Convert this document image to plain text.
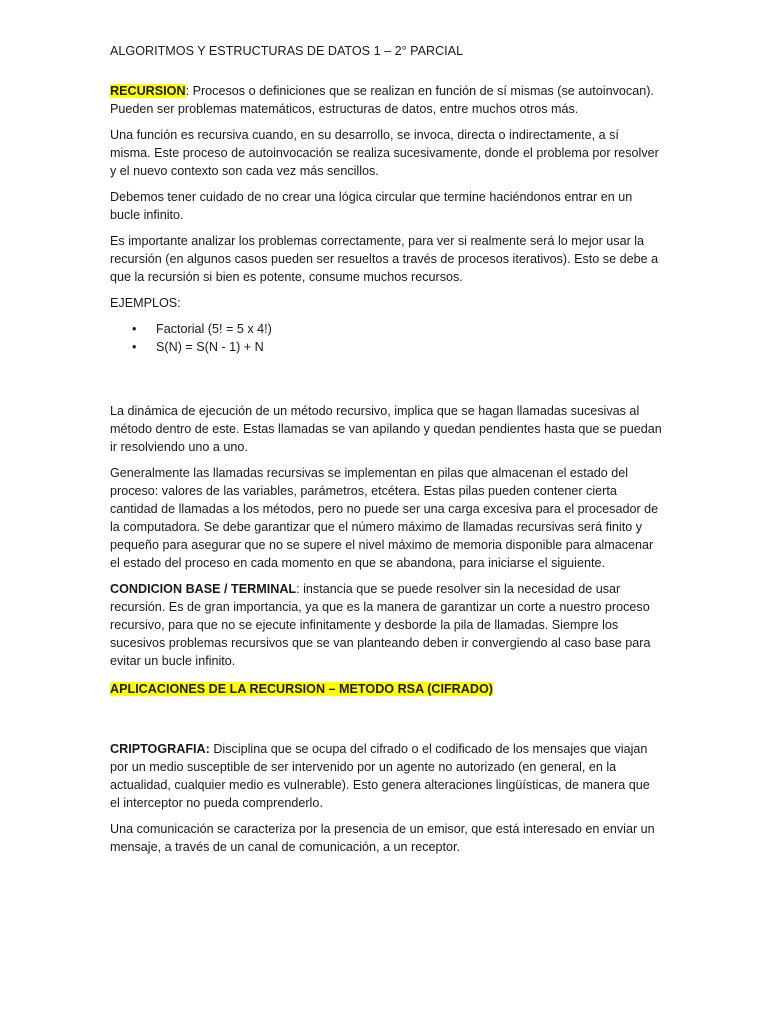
ALGORITMOS Y ESTRUCTURAS DE DATOS 1 – 2° PARCIAL

RECURSION: Procesos o definiciones que se realizan en función de sí mismas (se autoinvocan). Pueden ser problemas matemáticos, estructuras de datos, entre muchos otros más.

Una función es recursiva cuando, en su desarrollo, se invoca, directa o indirectamente, a sí misma. Este proceso de autoinvocación se realiza sucesivamente, donde el problema por resolver y el nuevo contexto son cada vez más sencillos.

Debemos tener cuidado de no crear una lógica circular que termine haciéndonos entrar en un bucle infinito.

Es importante analizar los problemas correctamente, para ver si realmente será lo mejor usar la recursión (en algunos casos pueden ser resueltos a través de procesos iterativos). Esto se debe a que la recursión si bien es potente, consume muchos recursos.

EJEMPLOS:

• Factorial (5! = 5 x 4!)
• S(N) = S(N - 1) + N

La dinámica de ejecución de un método recursivo, implica que se hagan llamadas sucesivas al método dentro de este. Estas llamadas se van apilando y quedan pendientes hasta que se puedan ir resolviendo uno a uno.

Generalmente las llamadas recursivas se implementan en pilas que almacenan el estado del proceso: valores de las variables, parámetros, etcétera. Estas pilas pueden contener cierta cantidad de llamadas a los métodos, pero no puede ser una carga excesiva para el procesador de la computadora. Se debe garantizar que el número máximo de llamadas recursivas será finito y pequeño para asegurar que no se supere el nivel máximo de memoria disponible para almacenar el estado del proceso en cada momento en que se abandona, para iniciarse el siguiente.

CONDICION BASE / TERMINAL: instancia que se puede resolver sin la necesidad de usar recursión. Es de gran importancia, ya que es la manera de garantizar un corte a nuestro proceso recursivo, para que no se ejecute infinitamente y desborde la pila de llamadas. Siempre los sucesivos problemas recursivos que se van planteando deben ir convergiendo al caso base para evitar un bucle infinito.

APLICACIONES DE LA RECURSION – METODO RSA (CIFRADO)

CRIPTOGRAFIA: Disciplina que se ocupa del cifrado o el codificado de los mensajes que viajan por un medio susceptible de ser intervenido por un agente no autorizado (en general, en la actualidad, cualquier medio es vulnerable). Esto genera alteraciones lingüísticas, de manera que el interceptor no pueda comprenderlo.

Una comunicación se caracteriza por la presencia de un emisor, que está interesado en enviar un mensaje, a través de un canal de comunicación, a un receptor.
